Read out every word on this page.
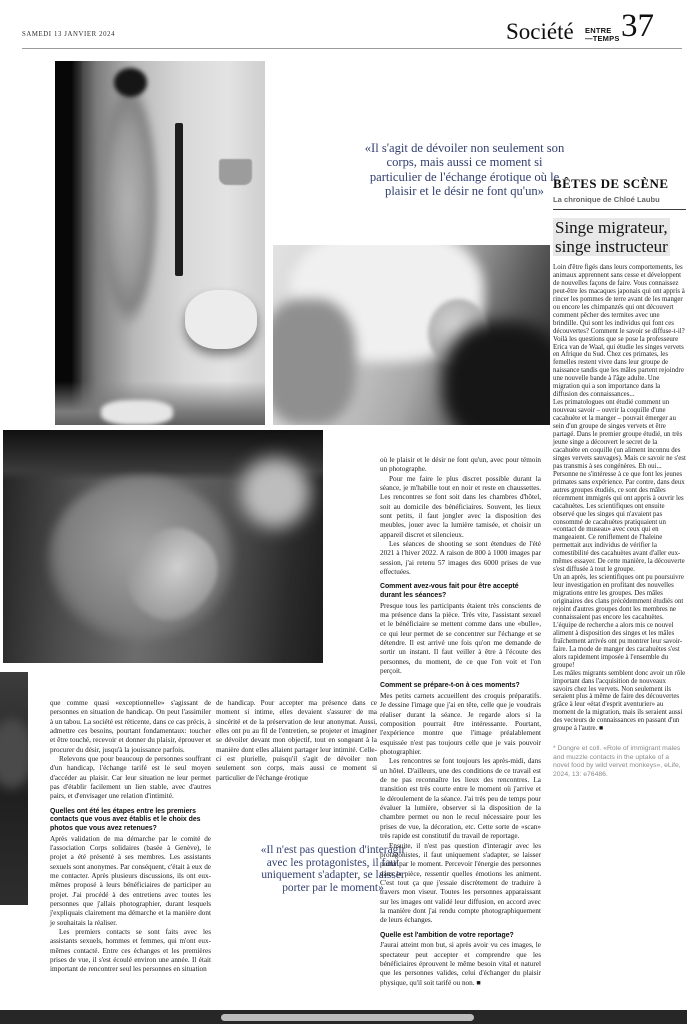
SAMEDI 13 JANVIER 2024	Société ENTRE
—TEMPS 37
«Il s'agit de dévoiler non seulement son corps, mais aussi ce moment si particulier de l'échange érotique où le plaisir et le désir ne font qu'un»

que comme quasi «exceptionnelle» s'agissant de personnes en situation de handicap. On peut l'assimiler à un tabou. La société est réticente, dans ce cas précis, à admettre ces besoins, pourtant fondamentaux: toucher et être touché, recevoir et donner du plaisir, éprouver et procurer du désir, jusqu'à la jouissance parfois.

Relevons que pour beaucoup de personnes souffrant d'un handicap, l'échange tarifé est le seul moyen d'accéder au plaisir. Car leur situation ne leur permet pas d'établir facilement un lien stable, avec d'autres pairs, et d'envisager une relation d'intimité.

Quelles ont été les étapes entre les premiers contacts que vous avez établis et le choix des photos que vous avez retenues?

Après validation de ma démarche par le comité de l'association Corps solidaires (basée à Genève), le projet a été présenté à ses membres. Les assistants sexuels sont anonymes. Par conséquent, c'était à eux de me contacter. Après plusieurs discussions, ils ont eux-mêmes proposé à leurs bénéficiaires de participer au projet. J'ai procédé à des entretiens avec toutes les personnes que j'allais photographier, durant lesquels j'expliquais clairement ma démarche et la manière dont je souhaitais la réaliser.

Les premiers contacts se sont faits avec les assistants sexuels, hommes et femmes, qui m'ont eux-mêmes contacté. Entre ces échanges et les premières prises de vue, il s'est écoulé environ une année. Il était important de rencontrer seul les personnes en situation

de handicap. Pour accepter ma présence dans ce moment si intime, elles devaient s'assurer de ma sincérité et de la préservation de leur anonymat. Aussi, elles ont pu au fil de l'entretien, se projeter et imaginer se dévoiler devant mon objectif, tout en songeant à la manière dont elles allaient partager leur intimité. Celle-ci est plurielle, puisqu'il s'agit de dévoiler non seulement son corps, mais aussi ce moment si particulier de l'échange érotique

«Il n'est pas question d'interagir avec les protagonistes, il faut uniquement s'adapter, se laisser porter par le moment»

où le plaisir et le désir ne font qu'un, avec pour témoin un photographe.

Pour me faire le plus discret possible durant la séance, je m'habille tout en noir et reste en chaussettes. Les rencontres se font soit dans les chambres d'hôtel, soit au domicile des bénéficiaires. Souvent, les lieux sont petits, il faut jongler avec la disposition des meubles, jouer avec la lumière tamisée, et choisir un appareil discret et silencieux.

Les séances de shooting se sont étendues de l'été 2021 à l'hiver 2022. A raison de 800 à 1000 images par session, j'ai retenu 57 images des 6000 prises de vue effectuées.

Comment avez-vous fait pour être accepté durant les séances?

Presque tous les participants étaient très conscients de ma présence dans la pièce. Très vite, l'assistant sexuel et le bénéficiaire se mettent comme dans une «bulle», ce qui leur permet de se concentrer sur l'échange et se détendre. Il est arrivé une fois qu'on me demande de sortir un instant. Il faut veiller à être à l'écoute des personnes, du moment, de ce que l'on voit et l'on perçoit.

Comment se prépare-t-on à ces moments?

Mes petits carnets accueillent des croquis préparatifs. Je dessine l'image que j'ai en tête, celle que je voudrais réaliser durant la séance. Je regarde alors si la composition pourrait être intéressante. Pourtant, l'expérience montre que l'image préalablement esquissée n'est pas toujours celle que je vais pouvoir photographier.

Les rencontres se font toujours les après-midi, dans un hôtel. D'ailleurs, une des conditions de ce travail est de ne pas reconnaître les lieux des rencontres. La transition est très courte entre le moment où j'arrive et le déroulement de la séance. J'ai très peu de temps pour évaluer la lumière, observer si la disposition de la chambre permet ou non le recul nécessaire pour les prises de vue, la décoration, etc. Cette sorte de «scan» très rapide est constitutif du travail de reportage.

Ensuite, il n'est pas question d'interagir avec les protagonistes, il faut uniquement s'adapter, se laisser porter par le moment. Percevoir l'énergie des personnes dans la pièce, ressentir quelles émotions les animent. C'est tout ça que j'essaie discrètement de traduire à travers mon viseur. Toutes les personnes apparaissant sur les images ont validé leur diffusion, en accord avec la manière dont j'ai rendu compte photographiquement de leurs échanges.

Quelle est l'ambition de votre reportage?

J'aurai atteint mon but, si après avoir vu ces images, le spectateur peut accepter et comprendre que les bénéficiaires éprouvent le même besoin vital et naturel que les personnes valides, celui d'échanger du plaisir physique, qu'il soit tarifé ou non. ■

BÊTES DE SCÈNE
La chronique de Chloé Laubu
Singe migrateur,
singe instructeur

Loin d'être figés dans leurs comportements, les animaux apprennent sans cesse et développent de nouvelles façons de faire. Vous connaissez peut-être les macaques japonais qui ont appris à rincer les pommes de terre avant de les manger ou encore les chimpanzés qui ont découvert comment pêcher des termites avec une brindille. Qui sont les individus qui font ces découvertes? Comment le savoir se diffuse-t-il? Voilà les questions que se pose la professeure Erica van de Waal, qui étudie les singes vervets en Afrique du Sud. Chez ces primates, les femelles restent vivre dans leur groupe de naissance tandis que les mâles partent rejoindre une nouvelle bande à l'âge adulte. Une migration qui a son importance dans la diffusion des connaissances...

Les primatologues ont étudié comment un nouveau savoir – ouvrir la coquille d'une cacahuète et la manger – pouvait émerger au sein d'un groupe de singes vervets et être partagé. Dans le premier groupe étudié, un très jeune singe a découvert le secret de la cacahuète en coquille (un aliment inconnu des singes vervets sauvages). Mais ce savoir ne s'est pas transmis à ses congénères. Eh oui... Personne ne s'intéresse à ce que font les jeunes primates sans expérience. Par contre, dans deux autres groupes étudiés, ce sont des mâles récemment immigrés qui ont appris à ouvrir les cacahuètes. Les scientifiques ont ensuite observé que les singes qui n'avaient pas consommé de cacahuètes pratiquaient un «contact de museau» avec ceux qui en mangeaient. Ce reniflement de l'haleine permettait aux individus de vérifier la comestibilité des cacahuètes avant d'aller eux-mêmes essayer. De cette manière, la découverte s'est diffusée à tout le groupe.

Un an après, les scientifiques ont pu poursuivre leur investigation en profitant des nouvelles migrations entre les groupes. Des mâles originaires des clans précédemment étudiés ont rejoint d'autres groupes dont les membres ne connaissaient pas encore les cacahuètes. L'équipe de recherche a alors mis ce nouvel aliment à disposition des singes et les mâles fraîchement arrivés ont pu montrer leur savoir-faire. La mode de manger des cacahuètes s'est alors rapidement imposée à l'ensemble du groupe!

Les mâles migrants semblent donc avoir un rôle important dans l'acquisition de nouveaux savoirs chez les vervets. Non seulement ils seraient plus à même de faire des découvertes grâce à leur «état d'esprit aventurier» au moment de la migration, mais ils seraient aussi des vecteurs de connaissances en passant d'un groupe à l'autre. ■

* Dongre et coll. «Role of immigrant males and muzzle contacts in the uptake of a novel food by wild vervet monkeys», eLife, 2024, 13: e76486.
